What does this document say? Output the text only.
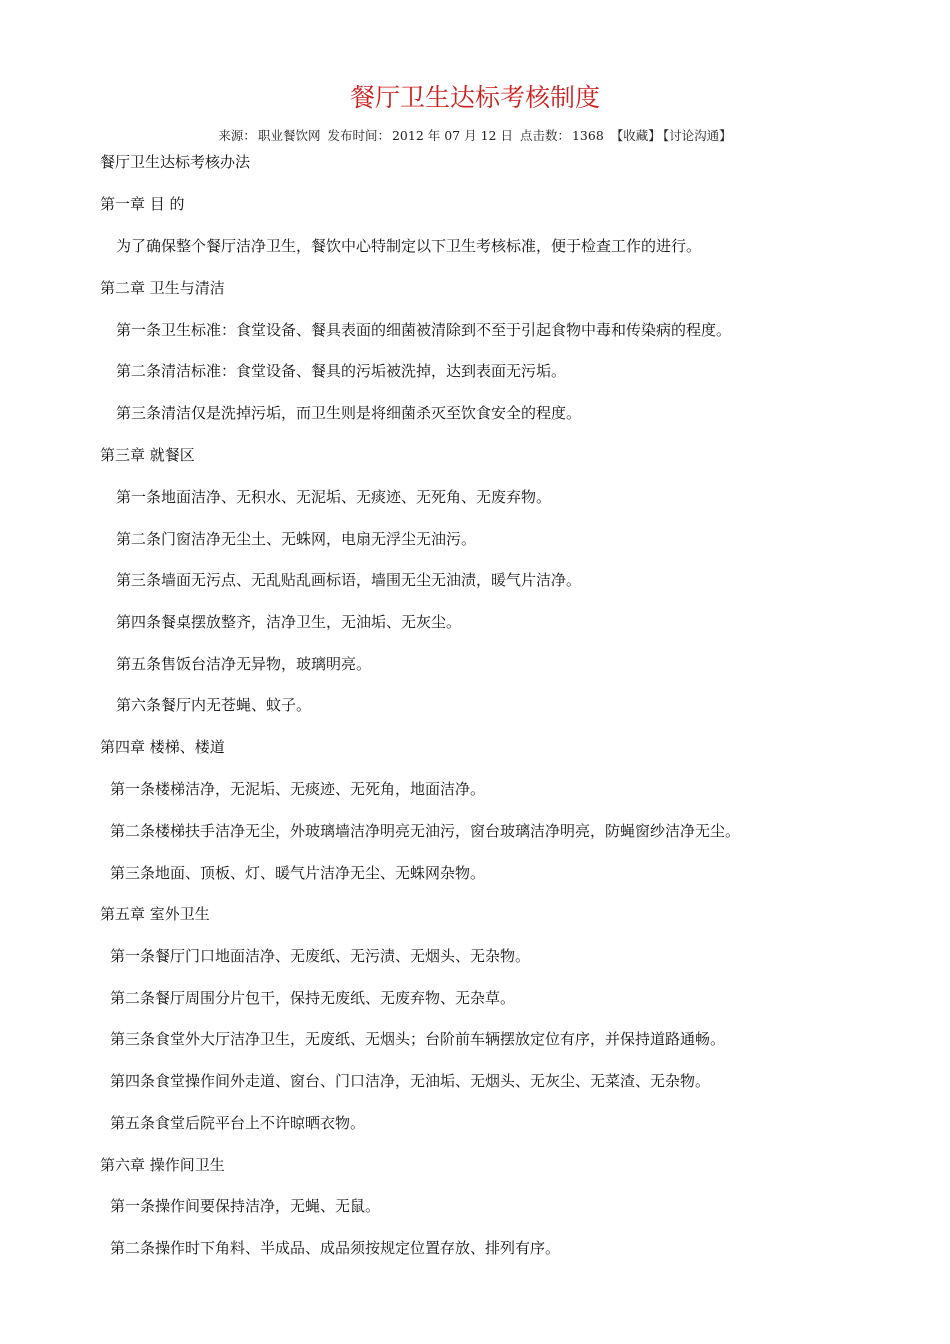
餐厅卫生达标考核制度
来源： 职业餐饮网 发布时间： 2012 年 07 月 12 日 点击数： 1368 【收藏】 【讨论沟通】
餐厅卫生达标考核办法
第一章 目 的
为了确保整个餐厅洁净卫生，餐饮中心特制定以下卫生考核标准，便于检查工作的进行。
第二章 卫生与清洁
第一条卫生标准：食堂设备、餐具表面的细菌被清除到不至于引起食物中毒和传染病的程度。
第二条清洁标准：食堂设备、餐具的污垢被洗掉，达到表面无污垢。
第三条清洁仅是洗掉污垢，而卫生则是将细菌杀灭至饮食安全的程度。
第三章 就餐区
第一条地面洁净、无积水、无泥垢、无痰迹、无死角、无废弃物。
第二条门窗洁净无尘土、无蛛网，电扇无浮尘无油污。
第三条墙面无污点、无乱贴乱画标语，墙围无尘无油渍，暖气片洁净。
第四条餐桌摆放整齐，洁净卫生，无油垢、无灰尘。
第五条售饭台洁净无异物，玻璃明亮。
第六条餐厅内无苍蝇、蚊子。
第四章 楼梯、楼道
第一条楼梯洁净，无泥垢、无痰迹、无死角，地面洁净。
第二条楼梯扶手洁净无尘，外玻璃墙洁净明亮无油污，窗台玻璃洁净明亮，防蝇窗纱洁净无尘。
第三条地面、顶板、灯、暖气片洁净无尘、无蛛网杂物。
第五章 室外卫生
第一条餐厅门口地面洁净、无废纸、无污渍、无烟头、无杂物。
第二条餐厅周围分片包干，保持无废纸、无废弃物、无杂草。
第三条食堂外大厅洁净卫生，无废纸、无烟头；台阶前车辆摆放定位有序，并保持道路通畅。
第四条食堂操作间外走道、窗台、门口洁净，无油垢、无烟头、无灰尘、无菜渣、无杂物。
第五条食堂后院平台上不许晾晒衣物。
第六章 操作间卫生
第一条操作间要保持洁净，无蝇、无鼠。
第二条操作时下角料、半成品、成品须按规定位置存放、排列有序。
